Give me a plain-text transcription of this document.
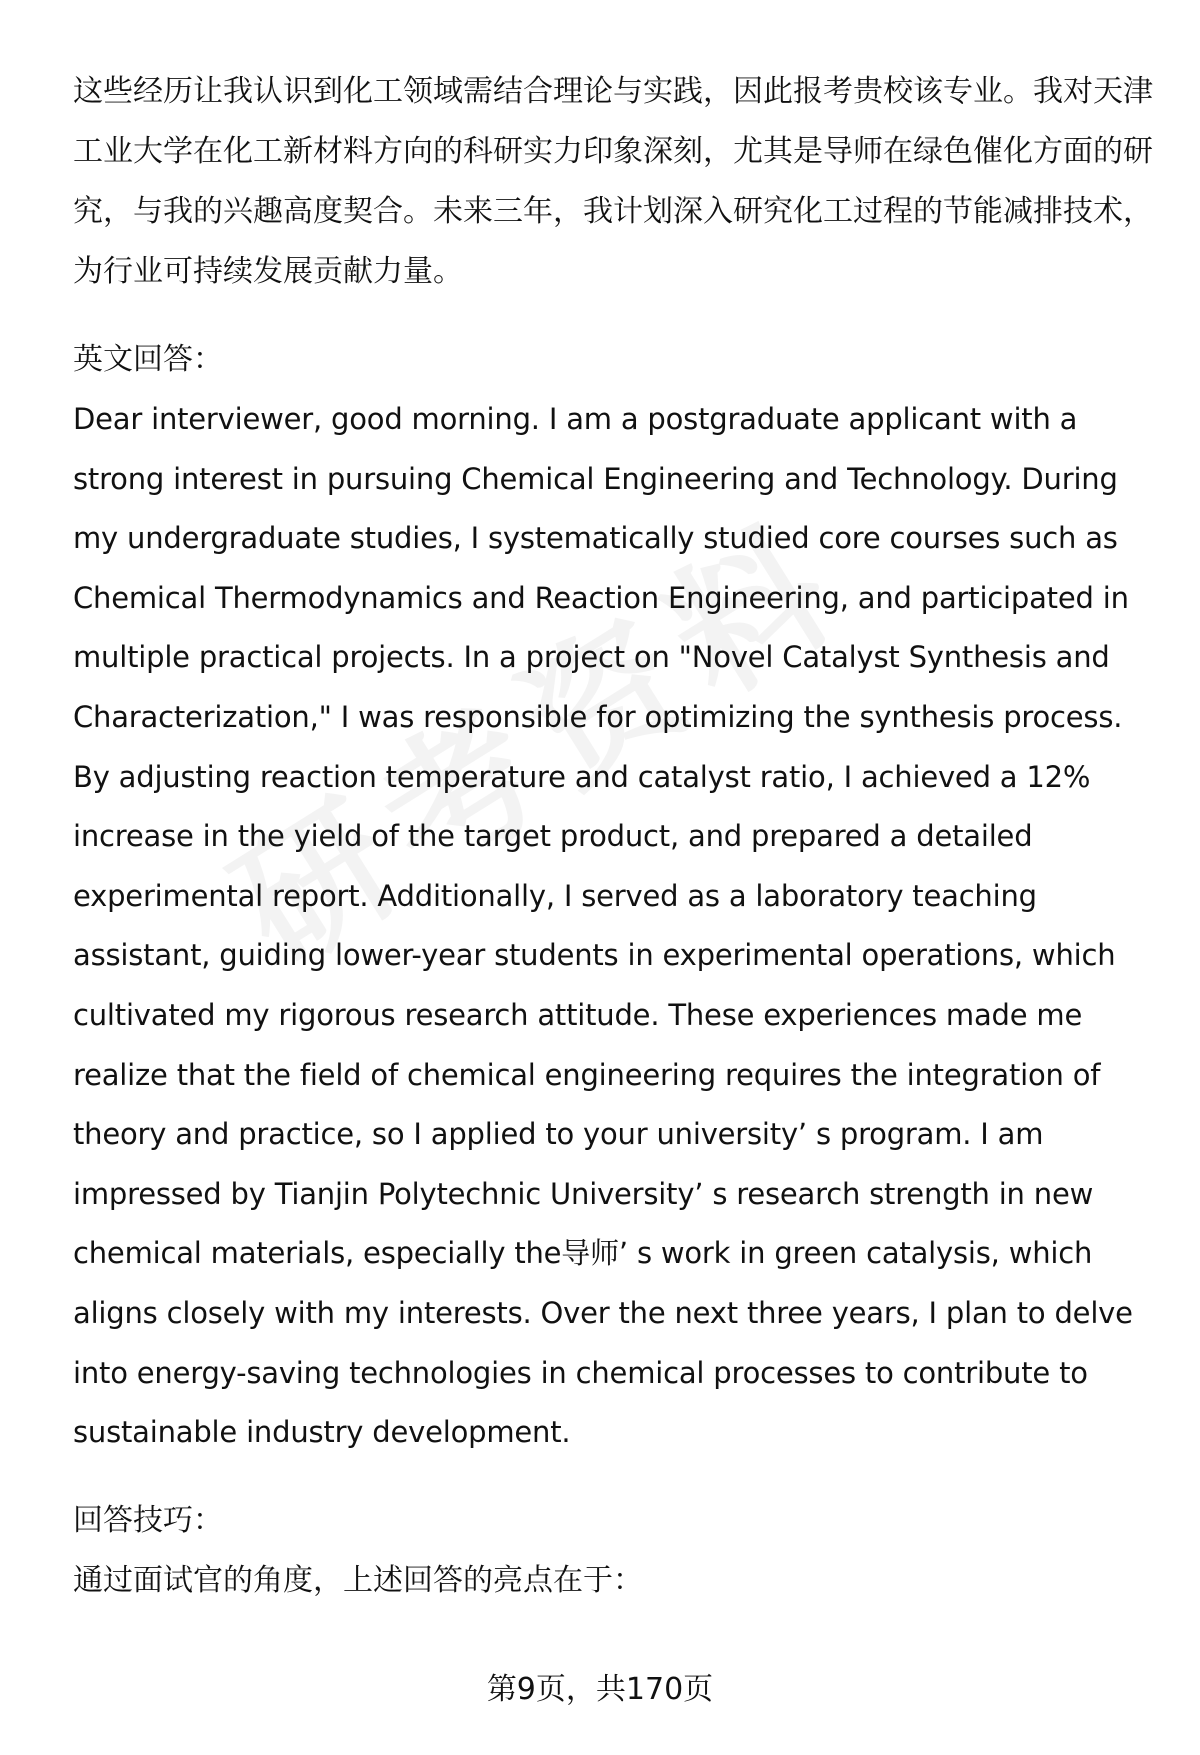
这些经历让我认识到化工领域需结合理论与实践，因此报考贵校该专业。我对天津工业大学在化工新材料方向的科研实力印象深刻，尤其是导师在绿色催化方面的研究，与我的兴趣高度契合。未来三年，我计划深入研究化工过程的节能减排技术，为行业可持续发展贡献力量。

英文回答：

Dear interviewer, good morning. I am a postgraduate applicant with a strong interest in pursuing Chemical Engineering and Technology. During my undergraduate studies, I systematically studied core courses such as Chemical Thermodynamics and Reaction Engineering, and participated in multiple practical projects. In a project on "Novel Catalyst Synthesis and Characterization," I was responsible for optimizing the synthesis process. By adjusting reaction temperature and catalyst ratio, I achieved a 12% increase in the yield of the target product, and prepared a detailed experimental report. Additionally, I served as a laboratory teaching assistant, guiding lower-year students in experimental operations, which cultivated my rigorous research attitude. These experiences made me realize that the field of chemical engineering requires the integration of theory and practice, so I applied to your university’ s program. I am impressed by Tianjin Polytechnic University’ s research strength in new chemical materials, especially the导师’ s work in green catalysis, which aligns closely with my interests. Over the next three years, I plan to delve into energy-saving technologies in chemical processes to contribute to sustainable industry development.

回答技巧：

通过面试官的角度，上述回答的亮点在于：

第9页，共170页
